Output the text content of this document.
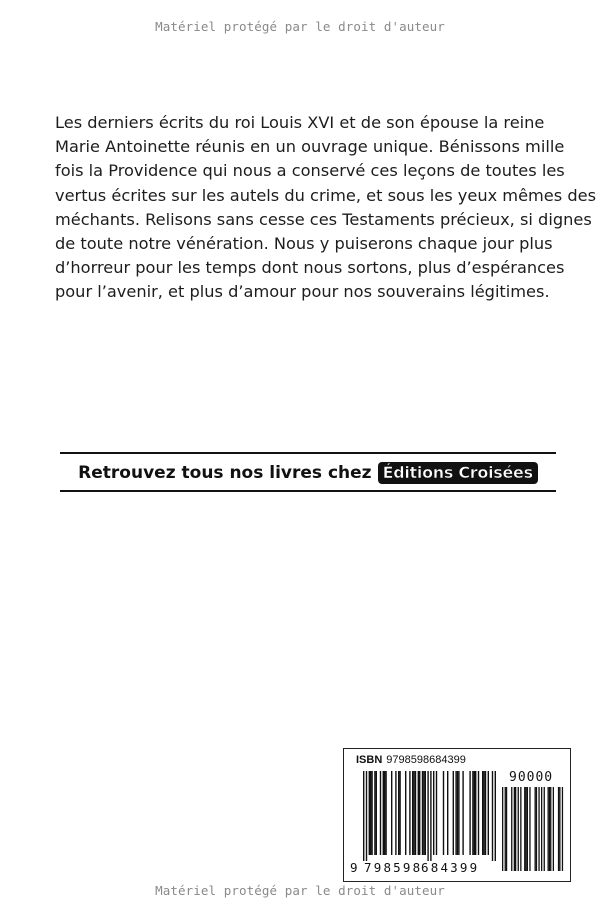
Matériel protégé par le droit d'auteur
Les derniers écrits du roi Louis XVI et de son épouse la reine
Marie Antoinette réunis en un ouvrage unique. Bénissons mille
fois la Providence qui nous a conservé ces leçons de toutes les
vertus écrites sur les autels du crime, et sous les yeux mêmes des
méchants. Relisons sans cesse ces Testaments précieux, si dignes
de toute notre vénération. Nous y puiserons chaque jour plus
d’horreur pour les temps dont nous sortons, plus d’espérances
pour l’avenir, et plus d’amour pour nos souverains légitimes.
Retrouvez tous nos livres chez Éditions Croisées
ISBN 9798598684399
90000
9 798598
684399
Matériel protégé par le droit d'auteur
